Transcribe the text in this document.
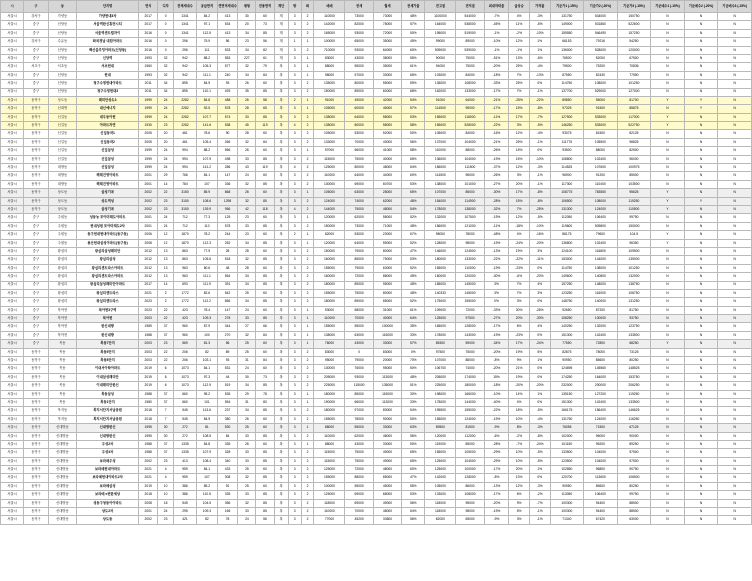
시	구	동	단지명	연식	디자	전체세대수	공급면적	연면적세대수	평형	전용면적	계단	방	화	매매	전세	월세	전세가율	전고점	전저점	최대하락율	급상승	가격률	기준가1 (-15%)	기준가2 (-20%)	기준가3 (-15%)	기준매수1 (-15%)	기준매수2 (-20%)	기준매수3 (-15%)
서울시	강서구	가양동	가양현대3차	2017	0	1341	84.2	413	30	60	계	3	2	110000	73000	73000	48%	1100000	544000	-7%	4%	-3%	131750	534000	150750	N	N	N
서울시	중구	신당동	서울역한신휴먼시티	2017	0	1341	97.1	534	20	73	계	3	2	142000	82000	78000	57%	164000	538000	-45%	11%	-5%	149000	531860	522600	N	N	N
서울시	중구	신당동	서울역센트럴자이	2016	0	1341	112.5	413	34	85	계	3	2	165000	93000	72000	50%	195000	519000	-1%	-2%	-10%	155550	546490	157250	N	N	N
서울시	강서구	수유동	화곡경남 대림아파트	2016	0	296	75.9	56	23	56	계	1	1	100000	65000	35000	45%	99000	89000	-10%	12%	1%	66153	79216	54250	N	N	N
서울시	중구	신당동	백산블루밍아파트(신당동)	2016	0	296	111	533	34	82	계	3	2	710000	93000	64000	60%	509000	539000	-1%	-1%	1%	136000	528000	120000	N	N	N
서울시	중구	신당동	신당역	1993	32	942	88.2	553	227	61	계	3	1	83000	43000	38000	55%	90000	75000	-51%	13%	-6%	76500	52000	67500	N	N	N
서울시	서초구	서초동	서초현대	1960	32	942	105.3	577	32	79	복	3	1	88000	55000	35000	61%	94000	75000	-20%	25%	-4%	79500	75200	70836	N	N	N
서울시	중구	신당동	현대	1993	32	942	111.1	240	34	84	복	3	1	98000	57000	33000	65%	103000	84000	-18%	7%	-13%	87550	82430	77550	N	N	N
서울시	중구	신당동	청구수정현대아파트	2011	34	895	84.9	93	26	60	복	3	2	135000	80000	55000	59%	135000	108000	-33%	25%	0%	114750	108000	101250	N	N	N
서울시	중구	신당동	청구수정현대3	2011	34	895	110.1	493	35	85	복	3	2	150000	89000	60000	68%	162000	133000	-17%	7%	-1%	137700	529000	127000	N	N	N
서울시	동작구	상도동	래미안상도3	1999	24	2282	84.8	488	26	58	복	2	1	91000	49000	42000	54%	91000	64000	-21%	-25%	-22%	89850	55000	81700	Y	Y	N
서울시	동작구	신대방	대신에너지	1999	24	2282	92.5	578	28	65	복	3	1	105000	60000	45000	57%	114500	95000	-17%	15%	-8%	97325	91500	85875	N	Y	N
서울시	동작구	신길동	대우동아현	1999	24	2282	107.7	574	33	85	복	3	2	138000	64000	58000	53%	155000	118000	-11%	17%	-7%	127500	533000	117000	Y	N	N
서울시	동작구	신길동	아파트자연	1930	23	2282	141.6	538	45	119	복	4	2	138000	80000	58000	58%	155000	528000	-22%	3%	-5%	146250	533000	522750	Y	N	N
서울시	동작구	신길동	신일동작1	2005	20	461	78.6	90	28	60	복	3	2	105000	53000	52000	50%	105000	84000	-16%	12%	-4%	93075	81500	82125	N	N	N
서울시	동작구	신길동	신일동작2	2005	20	461	105.4	266	32	84	복	3	2	133000	70000	43000	56%	137000	104000	-21%	25%	-1%	111775	105500	98825	N	N	N
서울시	동작구	신길동	신길삼성	1999	24	994	88.2	556	26	60	복	3	1	97000	56000	41000	58%	110000	88000	-26%	15%	0%	93500	88000	82500	N	N	N
서울시	동작구	신길동	신길삼성	1999	24	994	107.9	498	33	85	복	3	2	115000	75000	40000	65%	136000	104000	-19%	15%	-10%	108800	102400	96000	N	N	N
서울시	동작구	대방동	신일삼성	1999	24	994	141.2	286	43	119	복	4	2	125000	80000	48000	64%	156000	111500	-37%	12%	-3%	114525	107600	100975	N	N	N
서울시	동작구	대방동	해태건영아파트	2001	29	766	84.1	147	24	60	복	3	2	110000	64000	44000	60%	114500	96000	-26%	3%	-1%	96900	91200	85500	N	N	N
서울시	동작구	대방동	해태건영아파트	2001	14	784	107	336	32	85	복	3	2	130000	69000	60700	53%	138000	101000	-27%	20%	-1%	117300	110400	103500	N	N	N
서울시	동작구	상도동	삼성기곡	2002	22	3150	85.9	868	26	60	복	3	1	105000	63000	28000	65%	107000	85000	-30%	17%	-8%	108775	783550	95625	Y	N	N
서울시	동작구	상도동	상도역성	2002	23	3150	108.6	1298	32	85	복	3	2	124000	74000	62000	48%	154000	114900	-28%	15%	-8%	106500	108000	119250	Y	Y	N
서울시	동작구	상도동	삼성기곡	2002	23	3150	139.9	956	42	118	복	4	2	144000	75000	48000	54%	178000	138000	-32%	7%	-25%	131300	124000	110500	Y	N	N
서울시	중구	주원동	성동농 모아미래도아파트	2001	24	712	77.3	125	23	60	복	3	1	120000	62000	58000	52%	132000	107500	-19%	12%	-5%	112050	106400	99750	N	N	N
서울시	중구	주원동	현대성원 모아미래도2차	2001	24	712	110	578	33	85	복	3	2	150000	73000	71000	48%	156000	121000	-11%	-18%	-10%	119600	509800	150000	N	N	N
서울시	중구	주원동	동구현대현대아파트(동구동)	2006	12	1870	78.2	244	23	60	복	2	1	82000	53000	23000	67%	98000	78000	-48%	4%	-16%	86175	79600	104.5	Y	N	N
서울시	중구	주원동	용산현대삼성아파트(동구동)	2008	12	1870	112.3	252	34	85	복	3	1	120000	64000	59000	52%	128000	98000	-19%	-24%	-20%	136800	102400	96350	Y	N	N
서울시	중구	왕십리	왕십리삼성래미안	2012	13	863	77.9	28	28	60	복	3	2	150000	79000	80000	47%	146000	124500	-13%	19%	3%	124100	116800	109500	N	N	N
서울시	중구	왕십리	왕십리삼성	2012	13	863	105.6	518	32	85	복	3	2	160000	85000	75000	53%	180000	133000	-22%	-22%	-11%	153000	144000	135000	N	N	N
서울시	중구	왕십리	왕십리센트라스아파트	2012	13	963	80.6	48	28	60	복	3	2	155000	79000	63000	52%	155000	110000	-19%	-23%	0%	114750	108000	101250	N	N	N
서울시	중구	왕십리	왕십리센트라스아파트	2012	13	963	111.1	554	34	85	복	3	2	160000	72000	88000	45%	160000	120000	-30%	-6%	-20%	149600	140800	132000	N	N	N
서울시	중구	왕십리	왕십리삼성래미안아파트	2017	14	693	111.9	391	34	85	복	3	2	180000	89000	95000	48%	185000	145000	3%	7%	4%	157250	148000	138750	N	N	N
서울시	중구	왕십리	왕십리센트라스	2021	2	1772	82.6	542	25	60	복	3	2	155000	75000	80000	48%	140333	145000	3%	7%	3%	123250	116000	108750	N	N	N
서울시	중구	왕십리	왕십리센트라스	2023	2	1772	112.2	856	34	85	복	3	2	180000	89000	85000	52%	175000	155000	0%	3%	0%	148750	140000	131250	N	N	N
서울시	중구	북아현	북아현3구역	2023	22	423	78.4	147	24	60	복	3	1	93000	58000	31000	61%	109000	72000	-33%	30%	-26%	92650	87200	81750	N	N	N
서울시	중구	북아현	북아현	2003	22	423	109.3	278	33	85	복	3	1	110000	70000	40000	64%	125000	97500	-27%	20%	-33%	108250	100000	93750	N	N	N
서울시	중구	북아현	한신대방	1989	37	960	87.9	344	27	66	복	3	1	155000	55000	100000	35%	165000	128000	-17%	6%	4%	140250	132000	123750	N	N	N
서울시	중구	북아현	한신대방	1988	37	960	100	270	32	84	복	3	1	138000	63000	115000	33%	178000	143000	-19%	-23%	0%	151300	142400	133500	N	N	N
서울시	중구	목동	목동7단지	2003	23	569	81.3	56	25	60	복	3	1	76000	43000	33000	57%	85300	59000	-34%	17%	-24%	77550	72800	68250	Y	N	N
서울시	동작구	목동	목동5단지	2003	22	206	82	89	25	60	복	3	2	83000	0	83000	0%	97500	75000	-20%	19%	5%	82875	78000	73125	N	N	N
서울시	동작구	목동	목동8단지	2003	22	206	103.1	93	31	84	복	3	2	95000	79000	20000	70%	107000	88000	-8%	9%	1%	90950	85600	80250	N	N	N
서울시	동작구	목동	이대서아학아파트	2019	6	1073	84.1	531	24	60	복	3	2	130000	76000	95000	50%	106700	74000	-20%	21%	0%	124695	145560	148525	N	N	N
서울시	동작구	목동	이대삼성래미안	2019	6	1073	97.3	44	30	73	복	3	2	205000	93000	113000	48%	205000	174000	15%	19%	0%	174250	164000	153750	N	N	N
서울시	동작구	목동	이대래미안한신	2019	6	1073	112.9	519	34	85	복	3	2	225000	115000	135000	51%	225000	180000	-18%	-20%	-20%	232000	200000	206250	N	N	N
서울시	동작구	목동	목동삼성	1988	37	660	95.2	535	29	78	복	3	1	180000	85000	115000	30%	198000	166000	-10%	14%	1%	135150	127200	119250	N	N	N
서울시	동작구	목동	목동1단지	1980	37	660	101	554	31	80	복	3	1	190000	66000	113000	33%	178000	144000	-40%	4%	0%	151300	142400	133500	N	N	N
서울시	동작구	목지동	목지서단지서남공원	2018	7	545	113.6	237	34	85	복	3	2	180000	97000	83000	54%	195500	155000	-22%	18%	-5%	166175	156400	146625	N	N	N
서울시	동작구	목지동	목지서단지서남공원	2018	7	545	84.9	380	26	60	복	3	2	155000	78000	90000	50%	155000	124000	-19%	10%	-4%	131750	124000	116250	N	N	N
서울시	동작구	신대방동	신대방한신	1995	30	272	81	530	25	60	복	3	1	88000	55000	33000	63%	89500	81500	-9%	8%	-3%	76055	71500	67125	N	N	N
서울시	동작구	신대방동	신대방한신	1995	30	272	108.5	84	33	85	복	3	2	110000	62000	48000	56%	120000	112000	-6%	-2%	-8%	102000	96000	90000	N	N	N
서울시	동작구	신대방동	우성2차	1988	37	1335	84.8	335	26	60	복	3	1	88000	43000	33000	50%	119000	85000	-28%	-7%	-24%	101150	95200	89250	N	N	N
서울시	동작구	신대방동	우성3차	1988	37	1335	107.9	328	33	85	복	3	2	115000	75000	49000	65%	155000	105000	-29%	10%	-5%	133500	104000	97500	N	N	N
서울시	동작구	신대방동	보라매우성	2002	23	413	108.4	340	33	85	복	3	2	115000	75000	49000	65%	125000	104000	-29%	10%	-5%	123500	104000	97500	N	N	N
서울시	동작구	신대방동	보라매현대아파트	2021	4	959	84.1	433	25	60	복	3	2	125000	72000	48000	60%	125000	100000	-17%	20%	1%	102850	96800	90750	N	N	N
서울시	동작구	신대방동	보라매현대아파트2차	2021	4	959	107	308	32	85	복	3	2	155000	88000	85000	47%	142000	128000	-8%	13%	0%	120700	113600	106500	N	N	N
서울시	동작구	신대방동	보라매삼성	2019	10	386	85.2	91	25	60	복	3	2	100000	55000	45000	55%	105000	86000	-13%	12%	-3%	90950	85600	80250	N	N	N
서울시	동작구	신대방동	보라매 e편한세상	2018	10	386	110.5	335	33	85	복	3	2	125000	69000	68000	53%	133000	108000	-17%	6%	-2%	113050	106400	99750	N	N	N
서울시	동작구	신대방동	성동구청동아아파트	2008	18	545	104.5	356	32	85	복	3	2	118000	69000	49000	56%	118000	95000	-20%	9%	-7%	100300	94400	88500	N	N	N
서울시	동작구	신대방동	상도2차	2001	24	295	109.3	165	33	85	복	3	2	110000	70000	48000	64%	118000	98000	-19%	5%	-1%	100300	94400	88500	N	N	N
서울시	동작구	신대방동	상도동	2002	23	421	82	78	24	56	복	3	2	77000	45200	33800	56%	82000	65000	-9%	3%	-1%	71340	67420	63000	N	N	N
